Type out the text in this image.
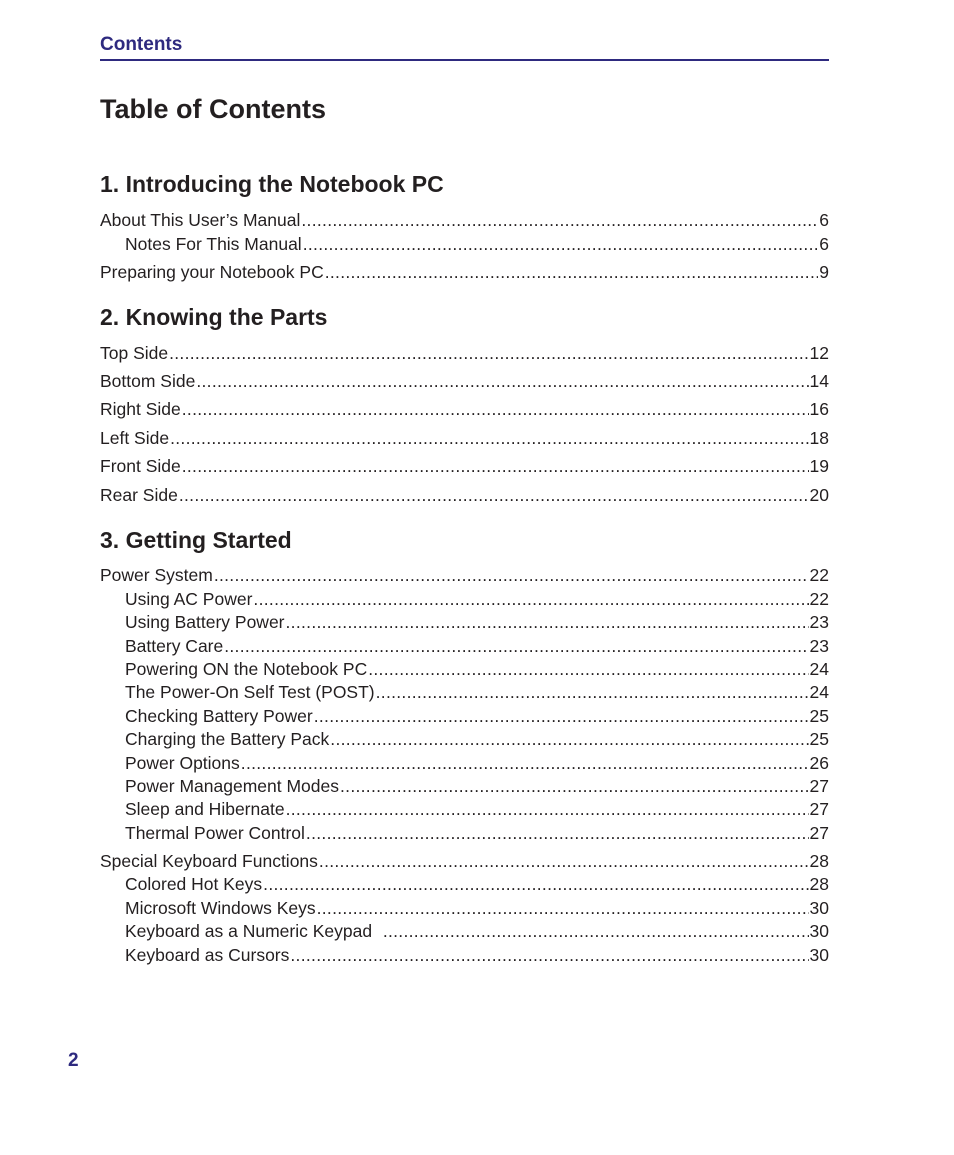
Contents
Table of Contents
1. Introducing the Notebook PC
About This User’s Manual .....	6
Notes For This Manual .....	6
Preparing your Notebook PC .....	9
2. Knowing the Parts
Top Side .....	12
Bottom Side .....	14
Right Side .....	16
Left Side .....	18
Front Side .....	19
Rear Side .....	20
3. Getting Started
Power System .....	22
Using AC Power .....	22
Using Battery Power .....	23
Battery Care .....	23
Powering ON the Notebook PC .....	24
The Power-On Self Test (POST) .....	24
Checking Battery Power .....	25
Charging the Battery Pack .....	25
Power Options .....	26
Power Management Modes .....	27
Sleep and Hibernate .....	27
Thermal Power Control .....	27
Special Keyboard Functions .....	28
Colored Hot Keys .....	28
Microsoft Windows Keys .....	30
Keyboard as a Numeric Keypad .....	30
Keyboard as Cursors .....	30
2
